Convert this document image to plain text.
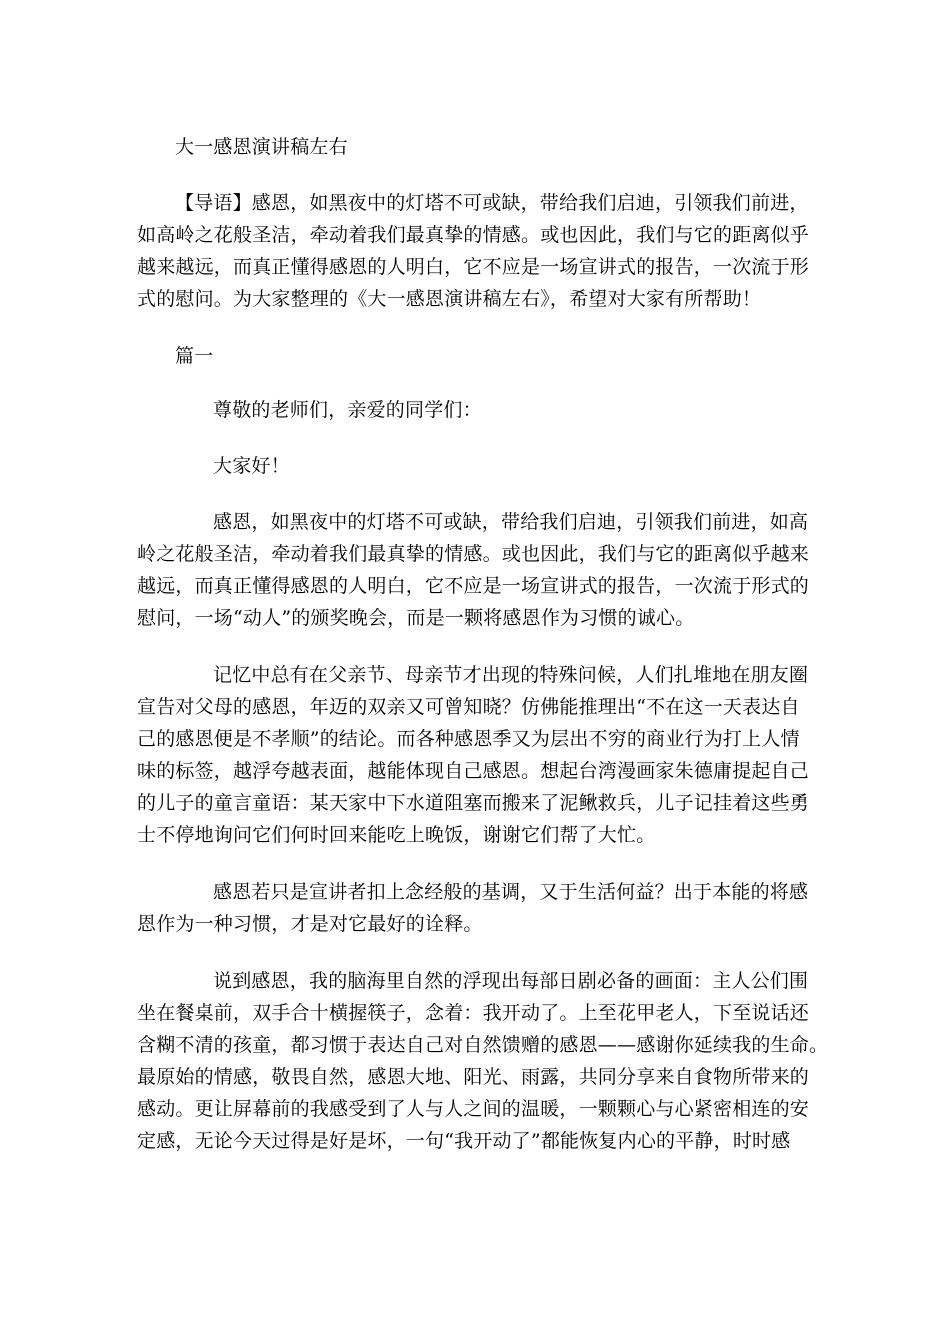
大一感恩演讲稿左右
【导语】感恩，如黑夜中的灯塔不可或缺，带给我们启迪，引领我们前进，
如高岭之花般圣洁，牵动着我们最真挚的情感。或也因此，我们与它的距离似乎
越来越远，而真正懂得感恩的人明白，它不应是一场宣讲式的报告，一次流于形
式的慰问。为大家整理的《大一感恩演讲稿左右》，希望对大家有所帮助！
篇一
尊敬的老师们，亲爱的同学们：
大家好！
感恩，如黑夜中的灯塔不可或缺，带给我们启迪，引领我们前进，如高
岭之花般圣洁，牵动着我们最真挚的情感。或也因此，我们与它的距离似乎越来
越远，而真正懂得感恩的人明白，它不应是一场宣讲式的报告，一次流于形式的
慰问，一场“动人”的颁奖晚会，而是一颗将感恩作为习惯的诚心。
记忆中总有在父亲节、母亲节才出现的特殊问候，人们扎堆地在朋友圈
宣告对父母的感恩，年迈的双亲又可曾知晓？仿佛能推理出“不在这一天表达自
己的感恩便是不孝顺”的结论。而各种感恩季又为层出不穷的商业行为打上人情
味的标签，越浮夸越表面，越能体现自己感恩。想起台湾漫画家朱德庸提起自己
的儿子的童言童语：某天家中下水道阻塞而搬来了泥鳅救兵，儿子记挂着这些勇
士不停地询问它们何时回来能吃上晚饭，谢谢它们帮了大忙。
感恩若只是宣讲者扣上念经般的基调，又于生活何益？出于本能的将感
恩作为一种习惯，才是对它最好的诠释。
说到感恩，我的脑海里自然的浮现出每部日剧必备的画面：主人公们围
坐在餐桌前，双手合十横握筷子，念着：我开动了。上至花甲老人，下至说话还
含糊不清的孩童，都习惯于表达自己对自然馈赠的感恩——感谢你延续我的生命。
最原始的情感，敬畏自然，感恩大地、阳光、雨露，共同分享来自食物所带来的
感动。更让屏幕前的我感受到了人与人之间的温暖，一颗颗心与心紧密相连的安
定感，无论今天过得是好是坏，一句“我开动了”都能恢复内心的平静，时时感
